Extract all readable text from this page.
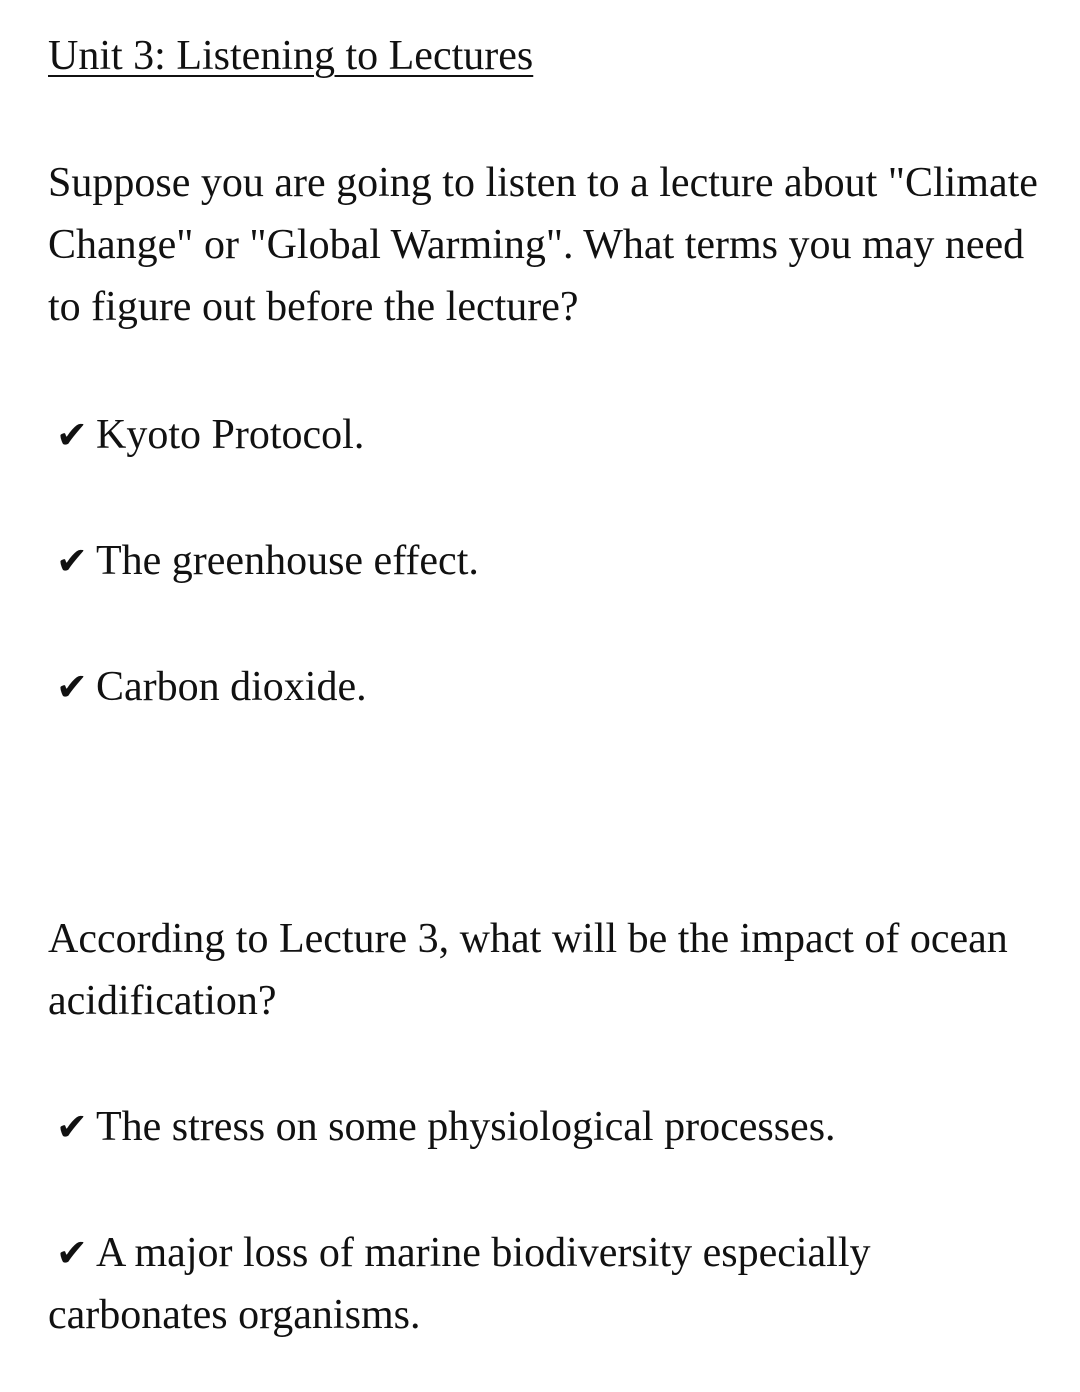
Unit 3: Listening to Lectures
Suppose you are going to listen to a lecture about "Climate Change" or "Global Warming". What terms you may need to figure out before the lecture?
✔ Kyoto Protocol.
✔ The greenhouse effect.
✔ Carbon dioxide.
According to Lecture 3, what will be the impact of ocean acidification?
✔ The stress on some physiological processes.
✔ A major loss of marine biodiversity especially
carbonates organisms.
